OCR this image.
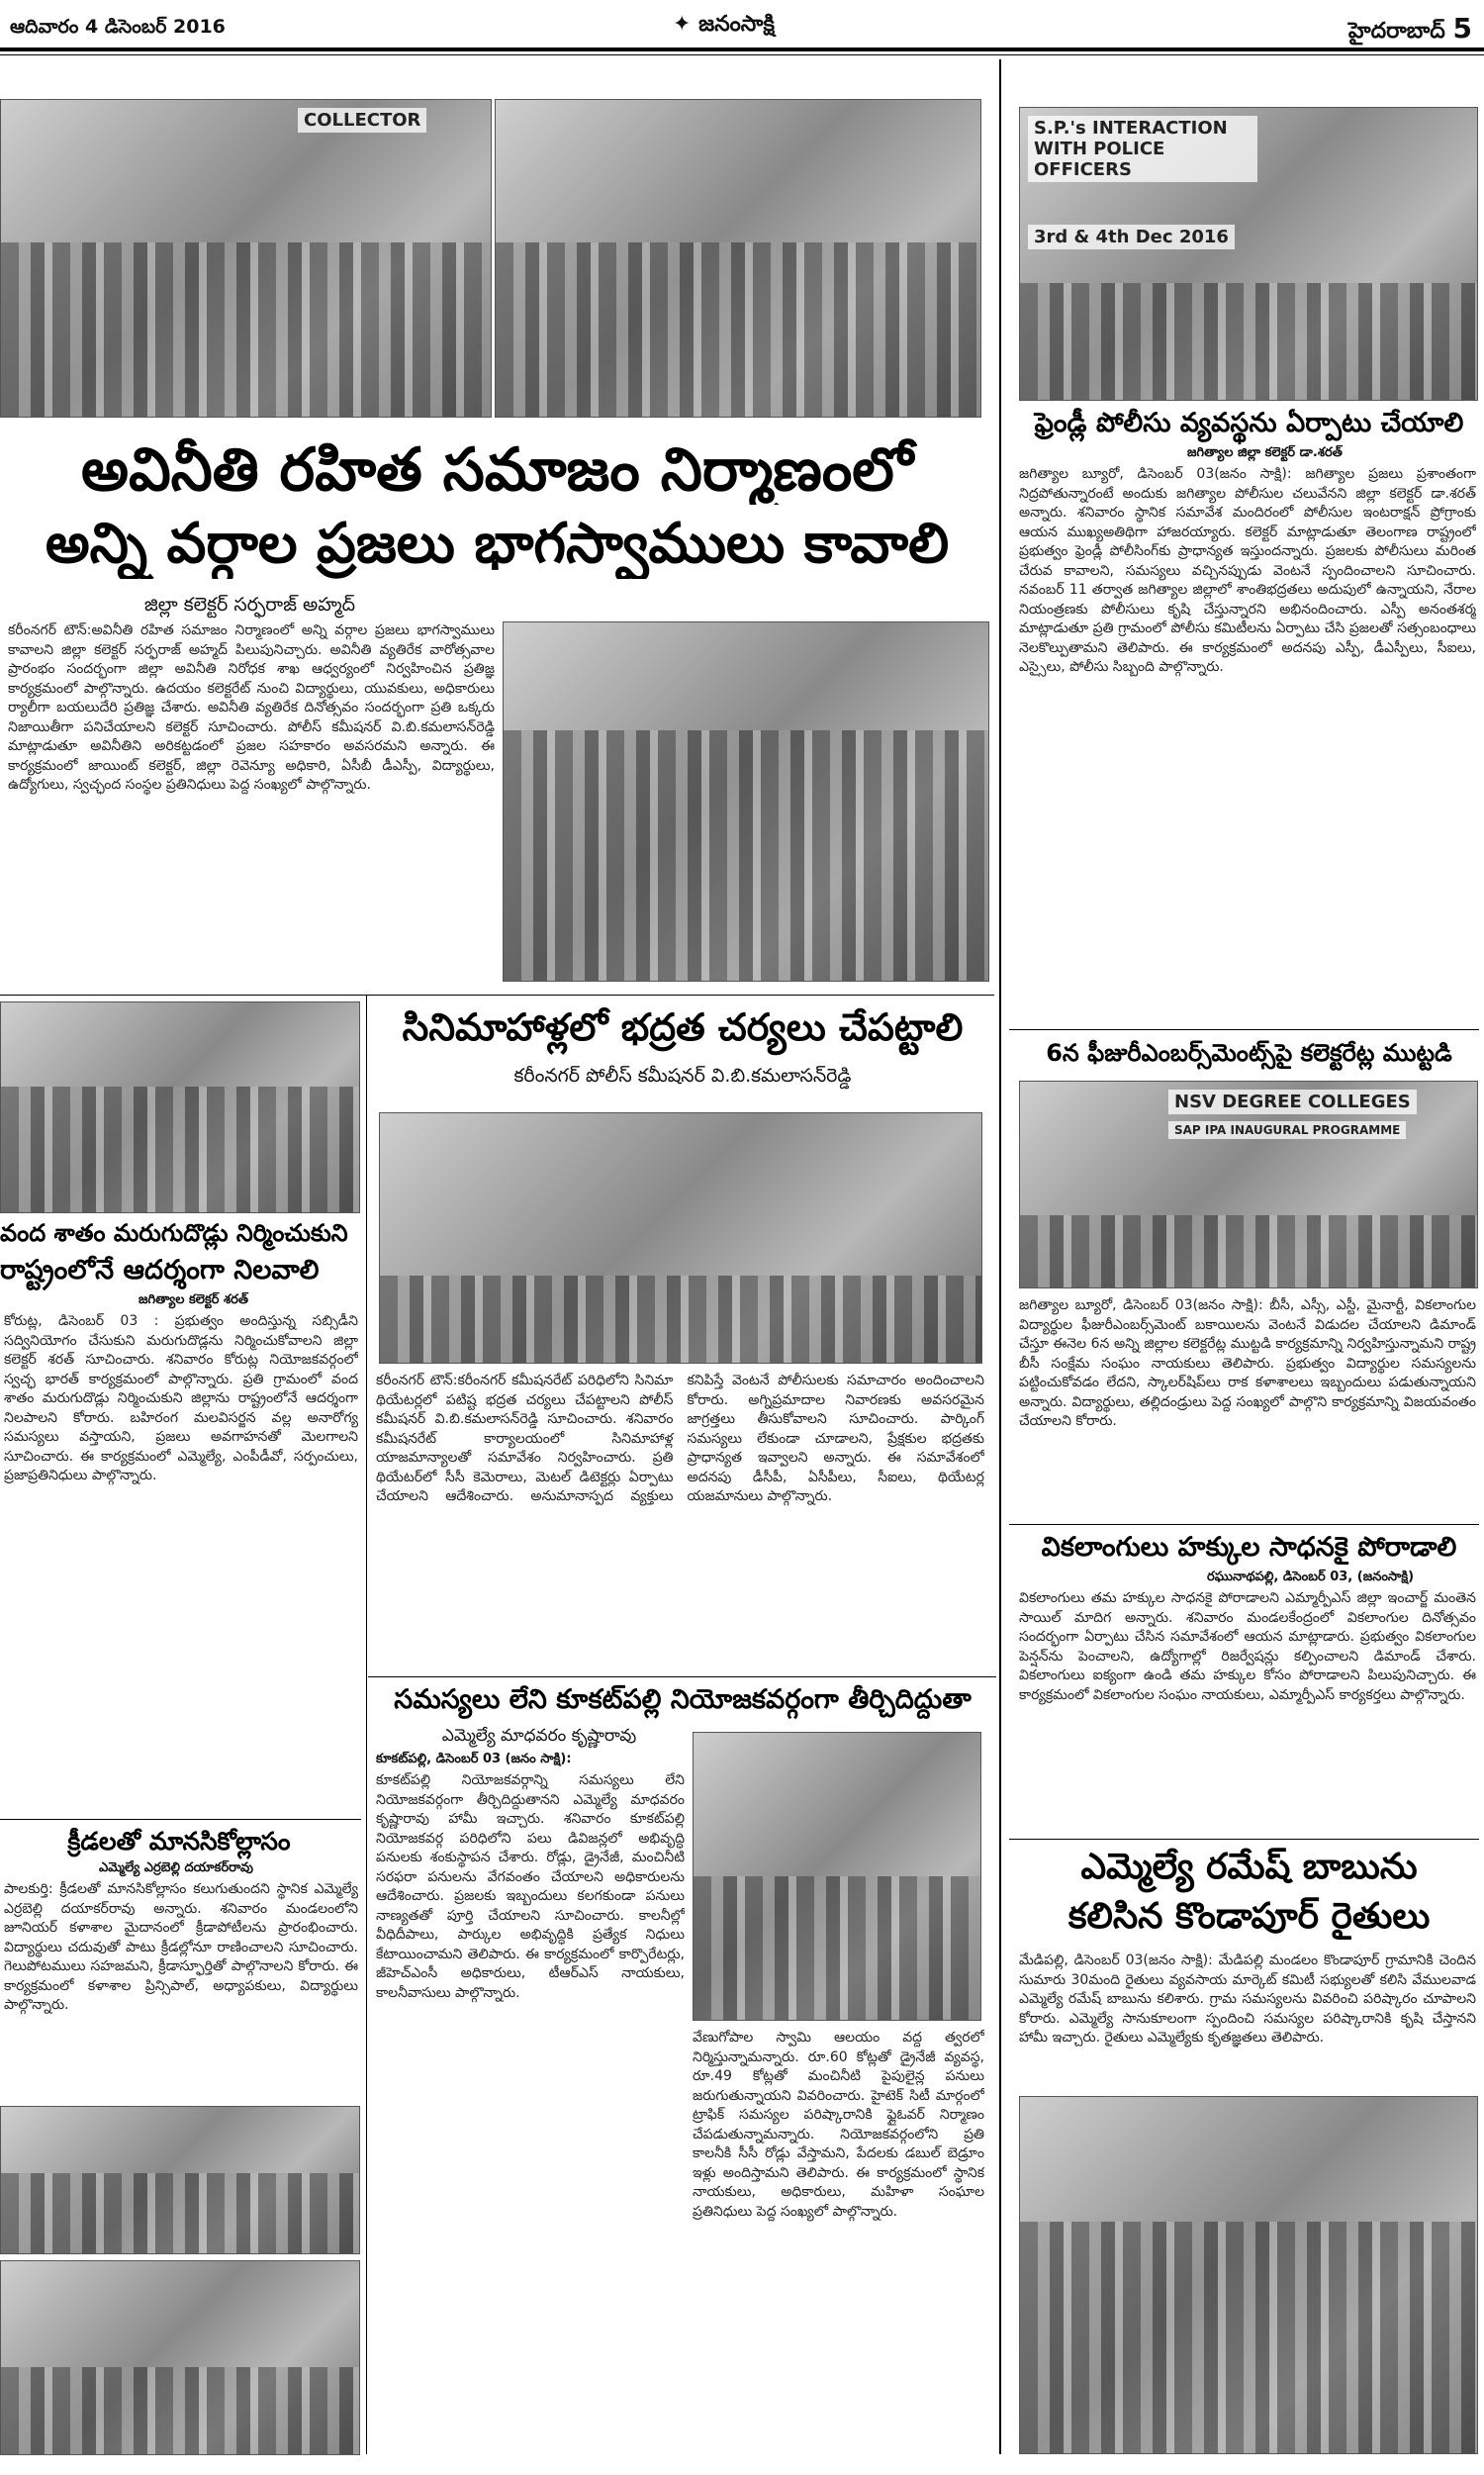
ఆదివారం 4 డిసెంబర్ 2016	✦ జనంసాక్షి	హైదరాబాద్ 5
COLLECTOR	S.P.'s INTERACTION WITH POLICE OFFICERS
3rd & 4th Dec 2016
అవినీతి రహిత సమాజం నిర్మాణంలో
అన్ని వర్గాల ప్రజలు భాగస్వాములు కావాలి
జిల్లా కలెక్టర్ సర్ఫరాజ్ అహ్మద్
కరీంనగర్ టౌన్:అవినీతి రహిత సమాజం నిర్మాణంలో అన్ని వర్గాల ప్రజలు భాగస్వాములు కావాలని జిల్లా కలెక్టర్ సర్ఫరాజ్ అహ్మద్ పిలుపునిచ్చారు. అవినీతి వ్యతిరేక వారోత్సవాల ప్రారంభం సందర్భంగా జిల్లా అవినీతి నిరోధక శాఖ ఆధ్వర్యంలో నిర్వహించిన ప్రతిజ్ఞ కార్యక్రమంలో పాల్గొన్నారు. ఉదయం కలెక్టరేట్ నుంచి విద్యార్థులు, యువకులు, అధికారులు ర్యాలీగా బయలుదేరి ప్రతిజ్ఞ చేశారు. అవినీతి వ్యతిరేక దినోత్సవం సందర్భంగా ప్రతి ఒక్కరు నిజాయితీగా పనిచేయాలని కలెక్టర్ సూచించారు. పోలీస్ కమీషనర్ వి.బి.కమలాసన్‌రెడ్డి మాట్లాడుతూ అవినీతిని అరికట్టడంలో ప్రజల సహకారం అవసరమని అన్నారు. ఈ కార్యక్రమంలో జాయింట్ కలెక్టర్, జిల్లా రెవెన్యూ అధికారి, ఏసీబీ డీఎస్పీ, విద్యార్థులు, ఉద్యోగులు, స్వచ్ఛంద సంస్థల ప్రతినిధులు పెద్ద సంఖ్యలో పాల్గొన్నారు.
ఫ్రెండ్లీ పోలీసు వ్యవస్థను ఏర్పాటు చేయాలి
జగిత్యాల జిల్లా కలెక్టర్ డా.శరత్
జగిత్యాల బ్యూరో, డిసెంబర్ 03(జనం సాక్షి): జగిత్యాల ప్రజలు ప్రశాంతంగా నిద్రపోతున్నారంటే అందుకు జగిత్యాల పోలీసుల చలువేనని జిల్లా కలెక్టర్ డా.శరత్ అన్నారు. శనివారం స్థానిక సమావేశ మందిరంలో పోలీసుల ఇంటరాక్షన్ ప్రోగ్రాంకు ఆయన ముఖ్యఅతిథిగా హాజరయ్యారు. కలెక్టర్ మాట్లాడుతూ తెలంగాణ రాష్ట్రంలో ప్రభుత్వం ఫ్రెండ్లీ పోలీసింగ్‌కు ప్రాధాన్యత ఇస్తుందన్నారు. ప్రజలకు పోలీసులు మరింత చేరువ కావాలని, సమస్యలు వచ్చినప్పుడు వెంటనే స్పందించాలని సూచించారు. నవంబర్ 11 తర్వాత జగిత్యాల జిల్లాలో శాంతిభద్రతలు అదుపులో ఉన్నాయని, నేరాల నియంత్రణకు పోలీసులు కృషి చేస్తున్నారని అభినందించారు. ఎస్పీ అనంతశర్మ మాట్లాడుతూ ప్రతి గ్రామంలో పోలీసు కమిటీలను ఏర్పాటు చేసి ప్రజలతో సత్సంబంధాలు నెలకొల్పుతామని తెలిపారు. ఈ కార్యక్రమంలో అదనపు ఎస్పీ, డీఎస్పీలు, సీఐలు, ఎస్సైలు, పోలీసు సిబ్బంది పాల్గొన్నారు.
6న ఫీజురీఎంబర్స్‌మెంట్స్‌పై కలెక్టరేట్ల ముట్టడి
NSV DEGREE COLLEGES
SAP IPA INAUGURAL PROGRAMME
జగిత్యాల బ్యూరో, డిసెంబర్ 03(జనం సాక్షి): బీసీ, ఎస్సీ, ఎస్టీ, మైనార్టీ, వికలాంగుల విద్యార్థుల ఫీజురీఎంబర్స్‌మెంట్ బకాయిలను వెంటనే విడుదల చేయాలని డిమాండ్ చేస్తూ ఈనెల 6న అన్ని జిల్లాల కలెక్టరేట్ల ముట్టడి కార్యక్రమాన్ని నిర్వహిస్తున్నామని రాష్ట్ర బీసీ సంక్షేమ సంఘం నాయకులు తెలిపారు. ప్రభుత్వం విద్యార్థుల సమస్యలను పట్టించుకోవడం లేదని, స్కాలర్‌షిప్‌లు రాక కళాశాలలు ఇబ్బందులు పడుతున్నాయని అన్నారు. విద్యార్థులు, తల్లిదండ్రులు పెద్ద సంఖ్యలో పాల్గొని కార్యక్రమాన్ని విజయవంతం చేయాలని కోరారు.
వికలాంగులు హక్కుల సాధనకై పోరాడాలి
రఘునాథపల్లి, డిసెంబర్ 03, (జనంసాక్షి)
వికలాంగులు తమ హక్కుల సాధనకై పోరాడాలని ఎమ్మార్పీఎస్ జిల్లా ఇంచార్జ్ మంతెన సాయిల్ మాదిగ అన్నారు. శనివారం మండలకేంద్రంలో వికలాంగుల దినోత్సవం సందర్భంగా ఏర్పాటు చేసిన సమావేశంలో ఆయన మాట్లాడారు. ప్రభుత్వం వికలాంగుల పెన్షన్‌ను పెంచాలని, ఉద్యోగాల్లో రిజర్వేషన్లు కల్పించాలని డిమాండ్ చేశారు. వికలాంగులు ఐక్యంగా ఉండి తమ హక్కుల కోసం పోరాడాలని పిలుపునిచ్చారు. ఈ కార్యక్రమంలో వికలాంగుల సంఘం నాయకులు, ఎమ్మార్పీఎస్ కార్యకర్తలు పాల్గొన్నారు.
ఎమ్మెల్యే రమేష్ బాబును
కలిసిన కొండాపూర్ రైతులు
మేడిపల్లి, డిసెంబర్ 03(జనం సాక్షి): మేడిపల్లి మండలం కొండాపూర్ గ్రామానికి చెందిన సుమారు 30మంది రైతులు వ్యవసాయ మార్కెట్ కమిటీ సభ్యులతో కలిసి వేములవాడ ఎమ్మెల్యే రమేష్ బాబును కలిశారు. గ్రామ సమస్యలను వివరించి పరిష్కారం చూపాలని కోరారు. ఎమ్మెల్యే సానుకూలంగా స్పందించి సమస్యల పరిష్కారానికి కృషి చేస్తానని హామీ ఇచ్చారు. రైతులు ఎమ్మెల్యేకు కృతజ్ఞతలు తెలిపారు.
వంద శాతం మరుగుదొడ్లు నిర్మించుకుని
రాష్ట్రంలోనే ఆదర్శంగా నిలవాలి
జగిత్యాల కలెక్టర్ శరత్
కోరుట్ల, డిసెంబర్ 03 : ప్రభుత్వం అందిస్తున్న సబ్సిడీని సద్వినియోగం చేసుకుని మరుగుదొడ్లను నిర్మించుకోవాలని జిల్లా కలెక్టర్ శరత్ సూచించారు. శనివారం కోరుట్ల నియోజకవర్గంలో స్వచ్ఛ భారత్ కార్యక్రమంలో పాల్గొన్నారు. ప్రతి గ్రామంలో వంద శాతం మరుగుదొడ్లు నిర్మించుకుని జిల్లాను రాష్ట్రంలోనే ఆదర్శంగా నిలపాలని కోరారు. బహిరంగ మలవిసర్జన వల్ల అనారోగ్య సమస్యలు వస్తాయని, ప్రజలు అవగాహనతో మెలగాలని సూచించారు. ఈ కార్యక్రమంలో ఎమ్మెల్యే, ఎంపీడీవో, సర్పంచులు, ప్రజాప్రతినిధులు పాల్గొన్నారు.
క్రీడలతో మానసికోల్లాసం
ఎమ్మెల్యే ఎర్రబెల్లి దయాకర్‌రావు
పాలకుర్తి: క్రీడలతో మానసికోల్లాసం కలుగుతుందని స్థానిక ఎమ్మెల్యే ఎర్రబెల్లి దయాకర్‌రావు అన్నారు. శనివారం మండలంలోని జూనియర్ కళాశాల మైదానంలో క్రీడాపోటీలను ప్రారంభించారు. విద్యార్థులు చదువుతో పాటు క్రీడల్లోనూ రాణించాలని సూచించారు. గెలుపోటములు సహజమని, క్రీడాస్ఫూర్తితో పాల్గొనాలని కోరారు. ఈ కార్యక్రమంలో కళాశాల ప్రిన్సిపాల్, అధ్యాపకులు, విద్యార్థులు పాల్గొన్నారు.
సినిమాహాళ్లలో భద్రత చర్యలు చేపట్టాలి
కరీంనగర్ పోలీస్ కమీషనర్ వి.బి.కమలాసన్‌రెడ్డి
కరీంనగర్ టౌన్:కరీంనగర్ కమీషనరేట్ పరిధిలోని సినిమా థియేటర్లలో పటిష్ట భద్రత చర్యలు చేపట్టాలని పోలీస్ కమీషనర్ వి.బి.కమలాసన్‌రెడ్డి సూచించారు. శనివారం కమీషనరేట్ కార్యాలయంలో సినిమాహాళ్ల యాజమాన్యాలతో సమావేశం నిర్వహించారు. ప్రతి థియేటర్‌లో సీసీ కెమెరాలు, మెటల్ డిటెక్టర్లు ఏర్పాటు చేయాలని ఆదేశించారు. అనుమానాస్పద వ్యక్తులు కనిపిస్తే వెంటనే పోలీసులకు సమాచారం అందించాలని కోరారు. అగ్నిప్రమాదాల నివారణకు అవసరమైన జాగ్రత్తలు తీసుకోవాలని సూచించారు. పార్కింగ్ సమస్యలు లేకుండా చూడాలని, ప్రేక్షకుల భద్రతకు ప్రాధాన్యత ఇవ్వాలని అన్నారు. ఈ సమావేశంలో అదనపు డీసీపీ, ఏసీపీలు, సీఐలు, థియేటర్ల యజమానులు పాల్గొన్నారు.
సమస్యలు లేని కూకట్‌పల్లి నియోజకవర్గంగా తీర్చిదిద్దుతా
ఎమ్మెల్యే మాధవరం కృష్ణారావు
కూకట్‌పల్లి, డిసెంబర్ 03 (జనం సాక్షి):
కూకట్‌పల్లి నియోజకవర్గాన్ని సమస్యలు లేని నియోజకవర్గంగా తీర్చిదిద్దుతానని ఎమ్మెల్యే మాధవరం కృష్ణారావు హామీ ఇచ్చారు. శనివారం కూకట్‌పల్లి నియోజకవర్గ పరిధిలోని పలు డివిజన్లలో అభివృద్ధి పనులకు శంకుస్థాపన చేశారు. రోడ్లు, డ్రైనేజీ, మంచినీటి సరఫరా పనులను వేగవంతం చేయాలని అధికారులను ఆదేశించారు. ప్రజలకు ఇబ్బందులు కలగకుండా పనులు నాణ్యతతో పూర్తి చేయాలని సూచించారు. కాలనీల్లో వీధిదీపాలు, పార్కుల అభివృద్ధికి ప్రత్యేక నిధులు కేటాయించామని తెలిపారు. ఈ కార్యక్రమంలో కార్పొరేటర్లు, జీహెచ్ఎంసీ అధికారులు, టీఆర్ఎస్ నాయకులు, కాలనీవాసులు పాల్గొన్నారు.
వేణుగోపాల స్వామి ఆలయం వద్ద త్వరలో నిర్మిస్తున్నామన్నారు. రూ.60 కోట్లతో డ్రైనేజీ వ్యవస్థ, రూ.49 కోట్లతో మంచినీటి పైపులైన్ల పనులు జరుగుతున్నాయని వివరించారు. హైటెక్ సిటీ మార్గంలో ట్రాఫిక్ సమస్యల పరిష్కారానికి ఫ్లైఓవర్ నిర్మాణం చేపడుతున్నామన్నారు. నియోజకవర్గంలోని ప్రతి కాలనీకి సీసీ రోడ్లు వేస్తామని, పేదలకు డబుల్ బెడ్రూం ఇళ్లు అందిస్తామని తెలిపారు. ఈ కార్యక్రమంలో స్థానిక నాయకులు, అధికారులు, మహిళా సంఘాల ప్రతినిధులు పెద్ద సంఖ్యలో పాల్గొన్నారు.
